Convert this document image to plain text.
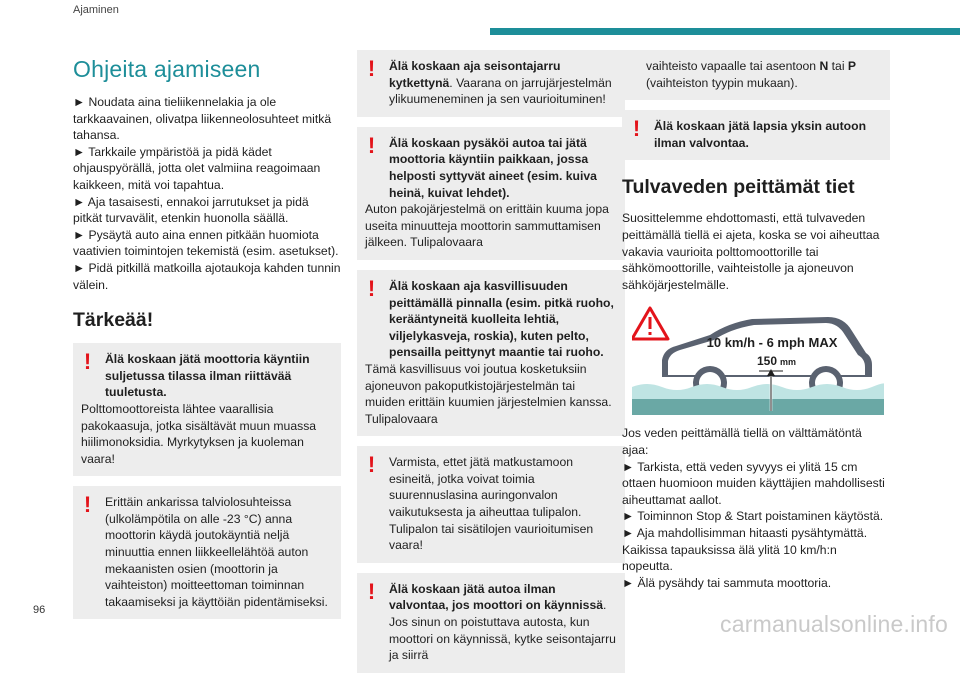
Ajaminen
Ohjeita ajamiseen

► Noudata aina tieliikennelakia ja ole tarkkaavainen, olivatpa liikenneolosuhteet mitkä tahansa.

► Tarkkaile ympäristöä ja pidä kädet ohjauspyörällä, jotta olet valmiina reagoimaan kaikkeen, mitä voi tapahtua.

► Aja tasaisesti, ennakoi jarrutukset ja pidä pitkät turvavälit, etenkin huonolla säällä.

► Pysäytä auto aina ennen pitkään huomiota vaativien toimintojen tekemistä (esim. asetukset).

► Pidä pitkillä matkoilla ajotaukoja kahden tunnin välein.

Tärkeää!
!	Älä koskaan jätä moottoria käyntiin
suljetussa tilassa ilman riittävää tuuletusta.
Polttomoottoreista lähtee vaarallisia pakokaasuja, jotka sisältävät muun muassa hiilimonoksidia. Myrkytyksen ja kuoleman vaara!
!	Erittäin ankarissa talviolosuhteissa
(ulkolämpötila on alle -23 °C) anna moottorin käydä joutokäyntiä neljä minuuttia ennen liikkeellelähtöä auton mekaanisten osien (moottorin ja vaihteiston) moitteettoman toiminnan takaamiseksi ja käyttöiän pidentämiseksi.
!	Älä koskaan aja seisontajarru
kytkettynä. Vaarana on jarrujärjestelmän ylikuumeneminen ja sen vaurioituminen!
!	Älä koskaan pysäköi autoa tai jätä
moottoria käyntiin paikkaan, jossa helposti syttyvät aineet (esim. kuiva heinä, kuivat lehdet).
Auton pakojärjestelmä on erittäin kuuma jopa useita minuutteja moottorin sammuttamisen jälkeen. Tulipalovaara
!	Älä koskaan aja kasvillisuuden
peittämällä pinnalla (esim. pitkä ruoho, kerääntyneitä kuolleita lehtiä, viljelykasveja, roskia), kuten pelto, pensailla peittynyt maantie tai ruoho.
Tämä kasvillisuus voi joutua kosketuksiin ajoneuvon pakoputkistojärjestelmän tai muiden erittäin kuumien järjestelmien kanssa. Tulipalovaara
!	Varmista, ettet jätä matkustamoon
esineitä, jotka voivat toimia suurennuslasina auringonvalon vaikutuksesta ja aiheuttaa tulipalon. Tulipalon tai sisätilojen vaurioitumisen vaara!
!	Älä koskaan jätä autoa ilman
valvontaa, jos moottori on käynnissä. Jos sinun on poistuttava autosta, kun moottori on käynnissä, kytke seisontajarru ja siirrä
vaihteisto vapaalle tai asentoon N tai P (vaihteiston tyypin mukaan).
!	Älä koskaan jätä lapsia yksin autoon ilman valvontaa.
Tulvaveden peittämät tiet

Suosittelemme ehdottomasti, että tulvaveden peittämällä tiellä ei ajeta, koska se voi aiheuttaa vakavia vaurioita polttomoottorille tai sähkömoottorille, vaihteistolle ja ajoneuvon sähköjärjestelmälle.

10 km/h - 6 mph MAX
150 mm

Jos veden peittämällä tiellä on välttämätöntä ajaa:

► Tarkista, että veden syvyys ei ylitä 15 cm ottaen huomioon muiden käyttäjien mahdollisesti aiheuttamat aallot.

► Toiminnon Stop & Start poistaminen käytöstä.

► Aja mahdollisimman hitaasti pysähtymättä. Kaikissa tapauksissa älä ylitä 10 km/h:n nopeutta.

► Älä pysähdy tai sammuta moottoria.

96
carmanualsonline.info
